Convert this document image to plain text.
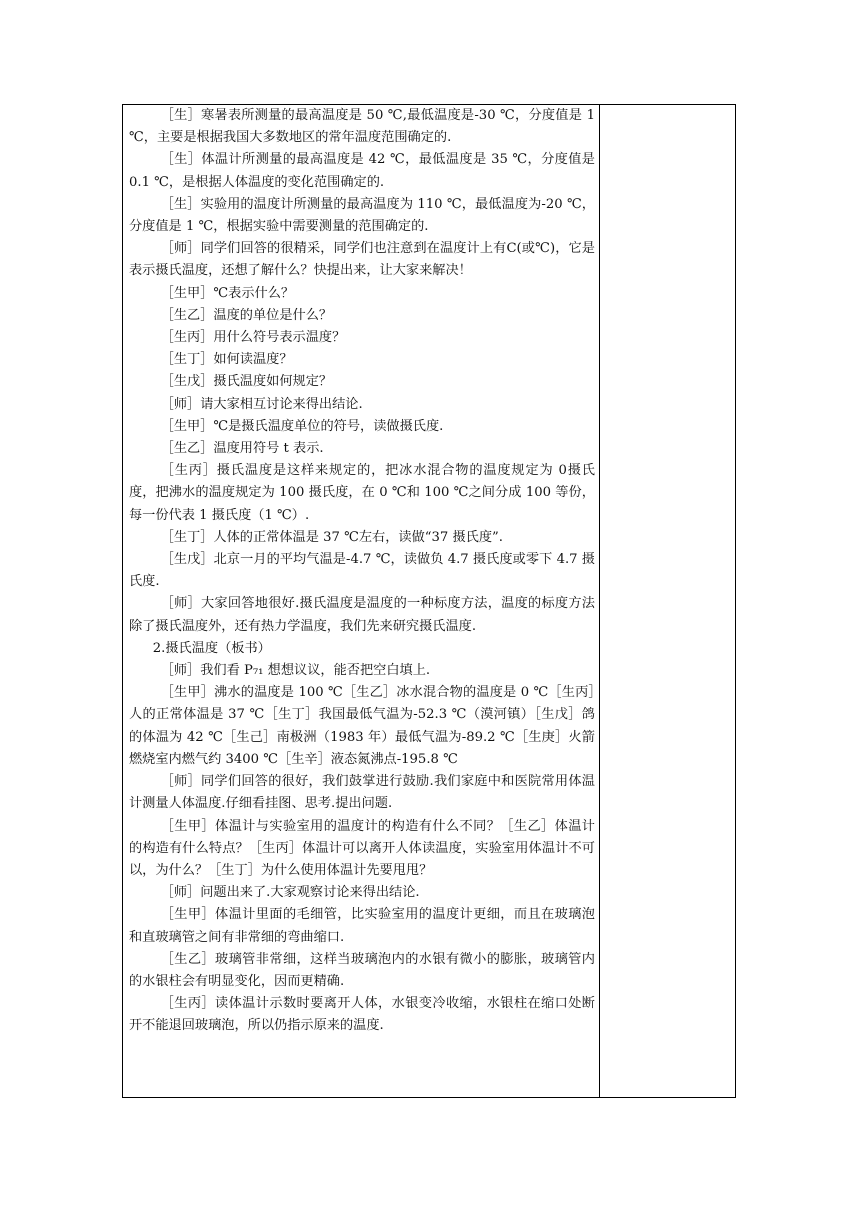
［生］寒暑表所测量的最高温度是 50 ℃,最低温度是-30 ℃，分度值是 1 ℃，主要是根据我国大多数地区的常年温度范围确定的.

［生］体温计所测量的最高温度是 42 ℃，最低温度是 35 ℃，分度值是 0.1 ℃，是根据人体温度的变化范围确定的.

［生］实验用的温度计所测量的最高温度为 110 ℃，最低温度为-20 ℃，分度值是 1 ℃，根据实验中需要测量的范围确定的.

［师］同学们回答的很精采，同学们也注意到在温度计上有C(或℃)，它是表示摄氏温度，还想了解什么？快提出来，让大家来解决！

［生甲］℃表示什么？

［生乙］温度的单位是什么？

［生丙］用什么符号表示温度？

［生丁］如何读温度？

［生戊］摄氏温度如何规定？

［师］请大家相互讨论来得出结论.

［生甲］℃是摄氏温度单位的符号，读做摄氏度.

［生乙］温度用符号 t 表示.

［生丙］摄氏温度是这样来规定的，把冰水混合物的温度规定为 0摄氏度，把沸水的温度规定为 100 摄氏度，在 0 ℃和 100 ℃之间分成 100 等份，每一份代表 1 摄氏度（1 ℃）.

［生丁］人体的正常体温是 37 ℃左右，读做“37 摄氏度”.

［生戊］北京一月的平均气温是-4.7 ℃，读做负 4.7 摄氏度或零下 4.7 摄氏度.

［师］大家回答地很好.摄氏温度是温度的一种标度方法，温度的标度方法除了摄氏温度外，还有热力学温度，我们先来研究摄氏温度.

2.摄氏温度（板书）

［师］我们看 P₇₁ 想想议议，能否把空白填上.

［生甲］沸水的温度是 100 ℃［生乙］冰水混合物的温度是 0 ℃［生丙］人的正常体温是 37 ℃［生丁］我国最低气温为-52.3 ℃（漠河镇）［生戊］鸽的体温为 42 ℃［生己］南极洲（1983 年）最低气温为-89.2 ℃［生庚］火箭燃烧室内燃气约 3400 ℃［生辛］液态氮沸点-195.8 ℃

［师］同学们回答的很好，我们鼓掌进行鼓励.我们家庭中和医院常用体温计测量人体温度.仔细看挂图、思考.提出问题.

［生甲］体温计与实验室用的温度计的构造有什么不同？［生乙］体温计的构造有什么特点？［生丙］体温计可以离开人体读温度，实验室用体温计不可以，为什么？［生丁］为什么使用体温计先要甩甩？

［师］问题出来了.大家观察讨论来得出结论.

［生甲］体温计里面的毛细管，比实验室用的温度计更细，而且在玻璃泡和直玻璃管之间有非常细的弯曲缩口.

［生乙］玻璃管非常细，这样当玻璃泡内的水银有微小的膨胀，玻璃管内的水银柱会有明显变化，因而更精确.

［生丙］读体温计示数时要离开人体，水银变冷收缩，水银柱在缩口处断开不能退回玻璃泡，所以仍指示原来的温度.
